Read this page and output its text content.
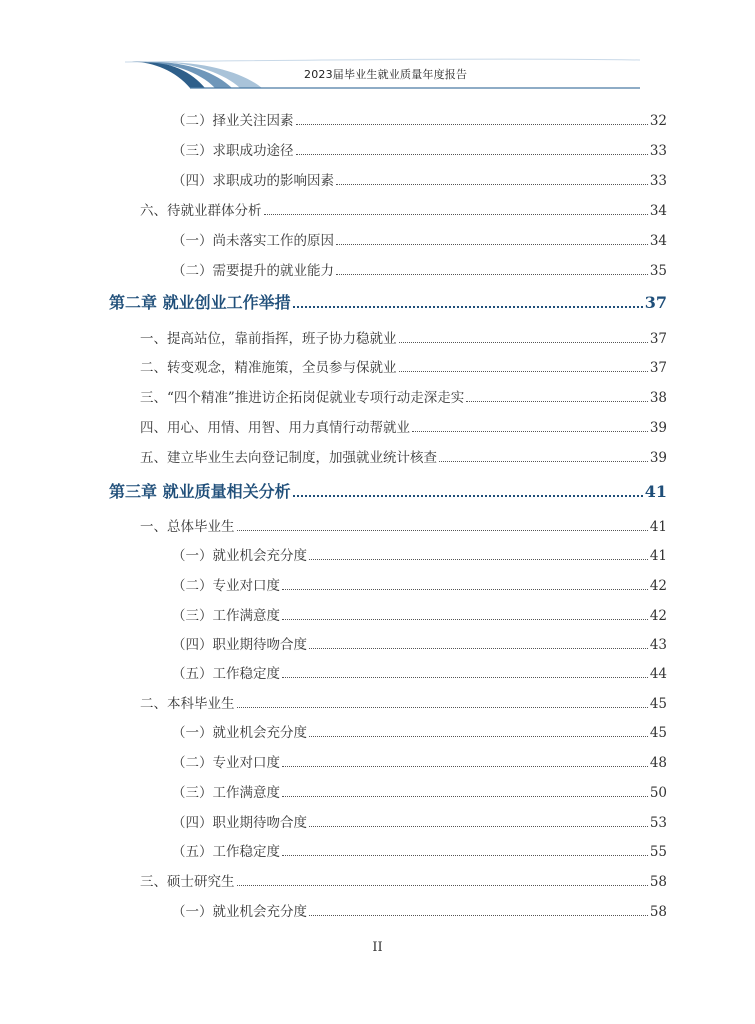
2023届毕业生就业质量年度报告
（二）择业关注因素	32
（三）求职成功途径	33
（四）求职成功的影响因素	33
六、待就业群体分析	34
（一）尚未落实工作的原因	34
（二）需要提升的就业能力	35
第二章 就业创业工作举措	37
一、提高站位，靠前指挥，班子协力稳就业	37
二、转变观念，精准施策，全员参与保就业	37
三、“四个精准”推进访企拓岗促就业专项行动走深走实	38
四、用心、用情、用智、用力真情行动帮就业	39
五、建立毕业生去向登记制度，加强就业统计核查	39
第三章 就业质量相关分析	41
一、总体毕业生	41
（一）就业机会充分度	41
（二）专业对口度	42
（三）工作满意度	42
（四）职业期待吻合度	43
（五）工作稳定度	44
二、本科毕业生	45
（一）就业机会充分度	45
（二）专业对口度	48
（三）工作满意度	50
（四）职业期待吻合度	53
（五）工作稳定度	55
三、硕士研究生	58
（一）就业机会充分度	58
II
